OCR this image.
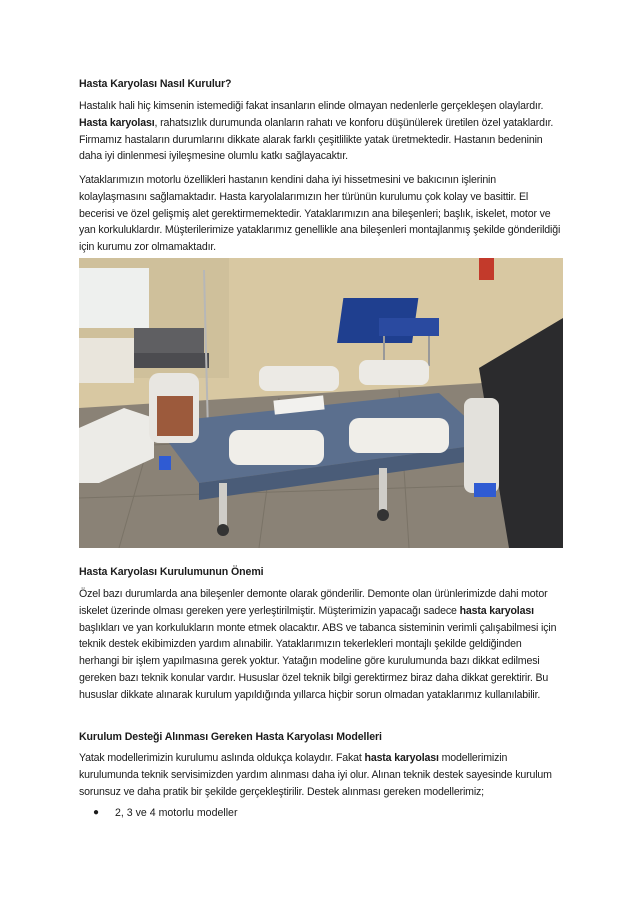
Hasta Karyolası Nasıl Kurulur?

Hastalık hali hiç kimsenin istemediği fakat insanların elinde olmayan nedenlerle gerçekleşen olaylardır. Hasta karyolası, rahatsızlık durumunda olanların rahatı ve konforu düşünülerek üretilen özel yataklardır. Firmamız hastaların durumlarını dikkate alarak farklı çeşitlilikte yatak üretmektedir. Hastanın bedeninin daha iyi dinlenmesi iyileşmesine olumlu katkı sağlayacaktır.

Yataklarımızın motorlu özellikleri hastanın kendini daha iyi hissetmesini ve bakıcının işlerinin kolaylaşmasını sağlamaktadır. Hasta karyolalarımızın her türünün kurulumu çok kolay ve basittir. El becerisi ve özel gelişmiş alet gerektirmemektedir. Yataklarımızın ana bileşenleri; başlık, iskelet, motor ve yan korkuluklardır. Müşterilerimize yataklarımız genellikle ana bileşenleri montajlanmış şekilde gönderildiği için kurumu zor olmamaktadır.

Hasta Karyolası Kurulumunun Önemi

Özel bazı durumlarda ana bileşenler demonte olarak gönderilir. Demonte olan ürünlerimizde dahi motor iskelet üzerinde olması gereken yere yerleştirilmiştir. Müşterimizin yapacağı sadece hasta karyolası başlıkları ve yan korkulukların monte etmek olacaktır. ABS ve tabanca sisteminin verimli çalışabilmesi için teknik destek ekibimizden yardım alınabilir. Yataklarımızın tekerlekleri montajlı şekilde geldiğinden herhangi bir işlem yapılmasına gerek yoktur. Yatağın modeline göre kurulumunda bazı dikkat edilmesi gereken bazı teknik konular vardır. Hususlar özel teknik bilgi gerektirmez biraz daha dikkat gerektirir. Bu hususlar dikkate alınarak kurulum yapıldığında yıllarca hiçbir sorun olmadan yataklarımız kullanılabilir.

Kurulum Desteği Alınması Gereken Hasta Karyolası Modelleri

Yatak modellerimizin kurulumu aslında oldukça kolaydır. Fakat hasta karyolası modellerimizin kurulumunda teknik servisimizden yardım alınması daha iyi olur. Alınan teknik destek sayesinde kurulum sorunsuz ve daha pratik bir şekilde gerçekleştirilir. Destek alınması gereken modellerimiz;

● 2, 3 ve 4 motorlu modeller
